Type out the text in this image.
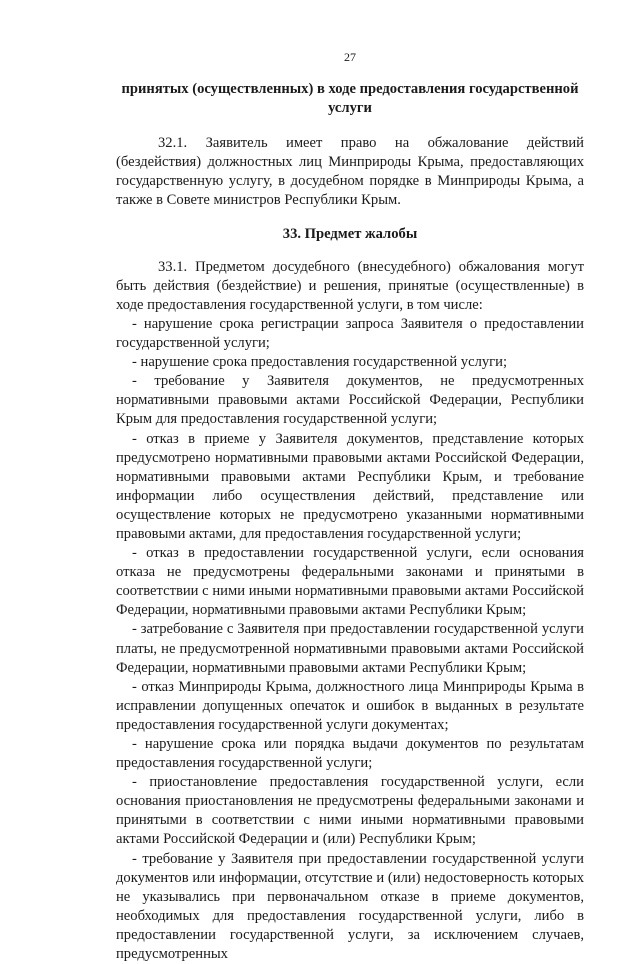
27
принятых (осуществленных) в ходе предоставления государственной услуги

32.1. Заявитель имеет право на обжалование действий (бездействия) должностных лиц Минприроды Крыма, предоставляющих государственную услугу, в досудебном порядке в Минприроды Крыма, а также в Совете министров Республики Крым.

33. Предмет жалобы

33.1. Предметом досудебного (внесудебного) обжалования могут быть действия (бездействие) и решения, принятые (осуществленные) в ходе предоставления государственной услуги, в том числе:

- нарушение срока регистрации запроса Заявителя о предоставлении государственной услуги;

- нарушение срока предоставления государственной услуги;

- требование у Заявителя документов, не предусмотренных нормативными правовыми актами Российской Федерации, Республики Крым для предоставления государственной услуги;

- отказ в приеме у Заявителя документов, представление которых предусмотрено нормативными правовыми актами Российской Федерации, нормативными правовыми актами Республики Крым, и требование информации либо осуществления действий, представление или осуществление которых не предусмотрено указанными нормативными правовыми актами, для предоставления государственной услуги;

- отказ в предоставлении государственной услуги, если основания отказа не предусмотрены федеральными законами и принятыми в соответствии с ними иными нормативными правовыми актами Российской Федерации, нормативными правовыми актами Республики Крым;

- затребование с Заявителя при предоставлении государственной услуги платы, не предусмотренной нормативными правовыми актами Российской Федерации, нормативными правовыми актами Республики Крым;

- отказ Минприроды Крыма, должностного лица Минприроды Крыма в исправлении допущенных опечаток и ошибок в выданных в результате предоставления государственной услуги документах;

- нарушение срока или порядка выдачи документов по результатам предоставления государственной услуги;

- приостановление предоставления государственной услуги, если основания приостановления не предусмотрены федеральными законами и принятыми в соответствии с ними иными нормативными правовыми актами Российской Федерации и (или) Республики Крым;

- требование у Заявителя при предоставлении государственной услуги документов или информации, отсутствие и (или) недостоверность которых не указывались при первоначальном отказе в приеме документов, необходимых для предоставления государственной услуги, либо в предоставлении государственной услуги, за исключением случаев, предусмотренных
